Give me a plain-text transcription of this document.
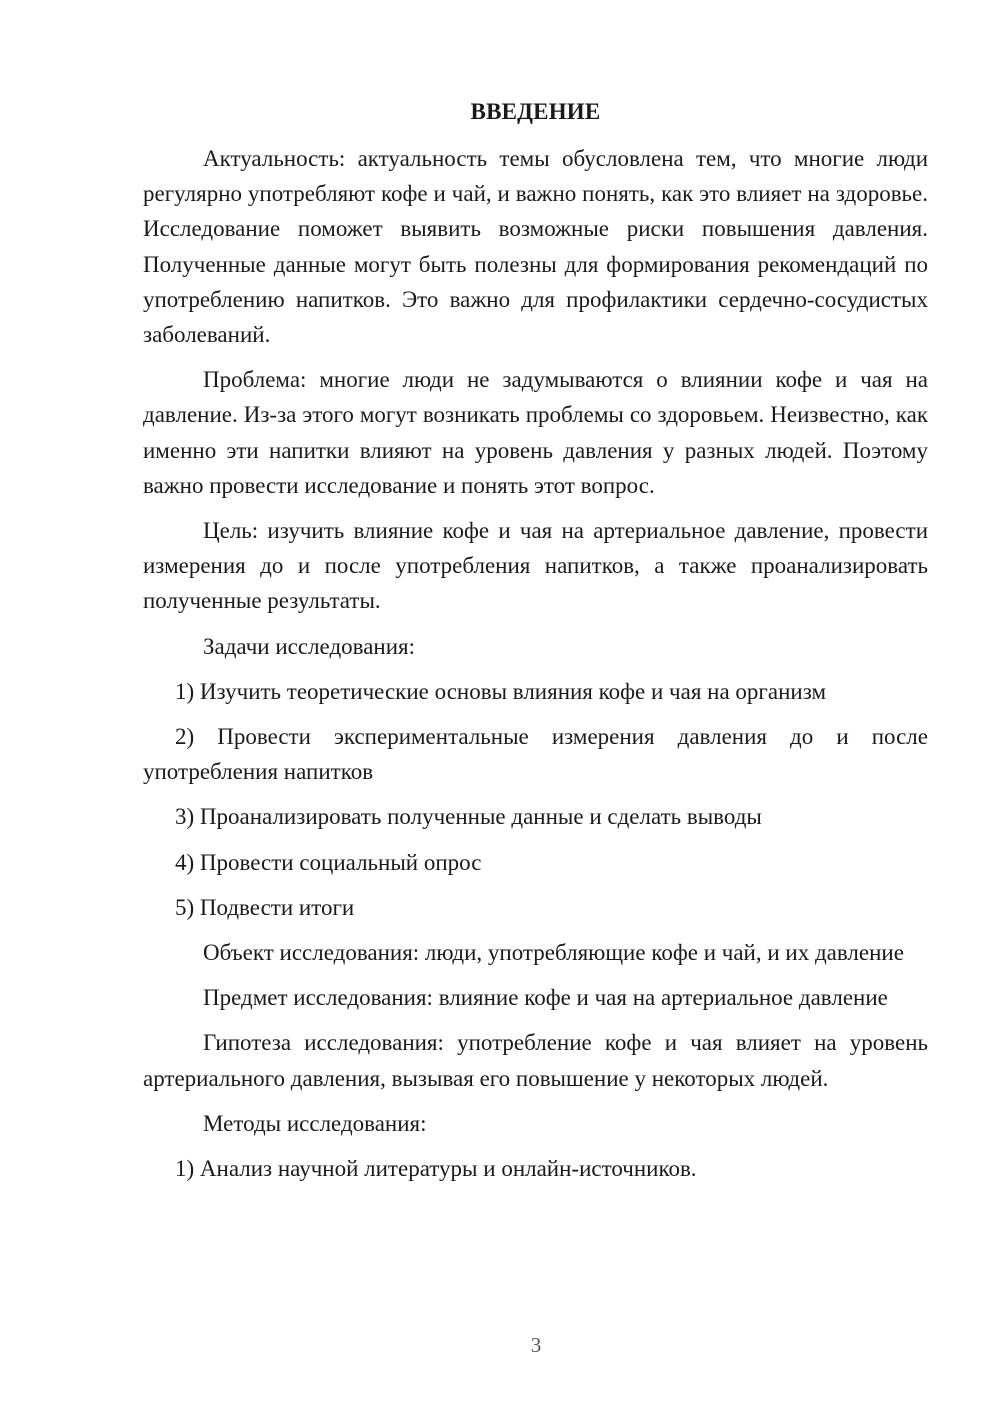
ВВЕДЕНИЕ

Актуальность: актуальность темы обусловлена тем, что многие люди регулярно употребляют кофе и чай, и важно понять, как это влияет на здоровье. Исследование поможет выявить возможные риски повышения давления. Полученные данные могут быть полезны для формирования рекомендаций по употреблению напитков. Это важно для профилактики сердечно-сосудистых заболеваний.

Проблема: многие люди не задумываются о влиянии кофе и чая на давление. Из-за этого могут возникать проблемы со здоровьем. Неизвестно, как именно эти напитки влияют на уровень давления у разных людей. Поэтому важно провести исследование и понять этот вопрос.

Цель: изучить влияние кофе и чая на артериальное давление, провести измерения до и после употребления напитков, а также проанализировать полученные результаты.

Задачи исследования:

1) Изучить теоретические основы влияния кофе и чая на организм

2) Провести экспериментальные измерения давления до и после употребления напитков

3) Проанализировать полученные данные и сделать выводы

4) Провести социальный опрос

5) Подвести итоги

Объект исследования: люди, употребляющие кофе и чай, и их давление

Предмет исследования: влияние кофе и чая на артериальное давление

Гипотеза исследования: употребление кофе и чая влияет на уровень артериального давления, вызывая его повышение у некоторых людей.

Методы исследования:

1) Анализ научной литературы и онлайн-источников.

3
